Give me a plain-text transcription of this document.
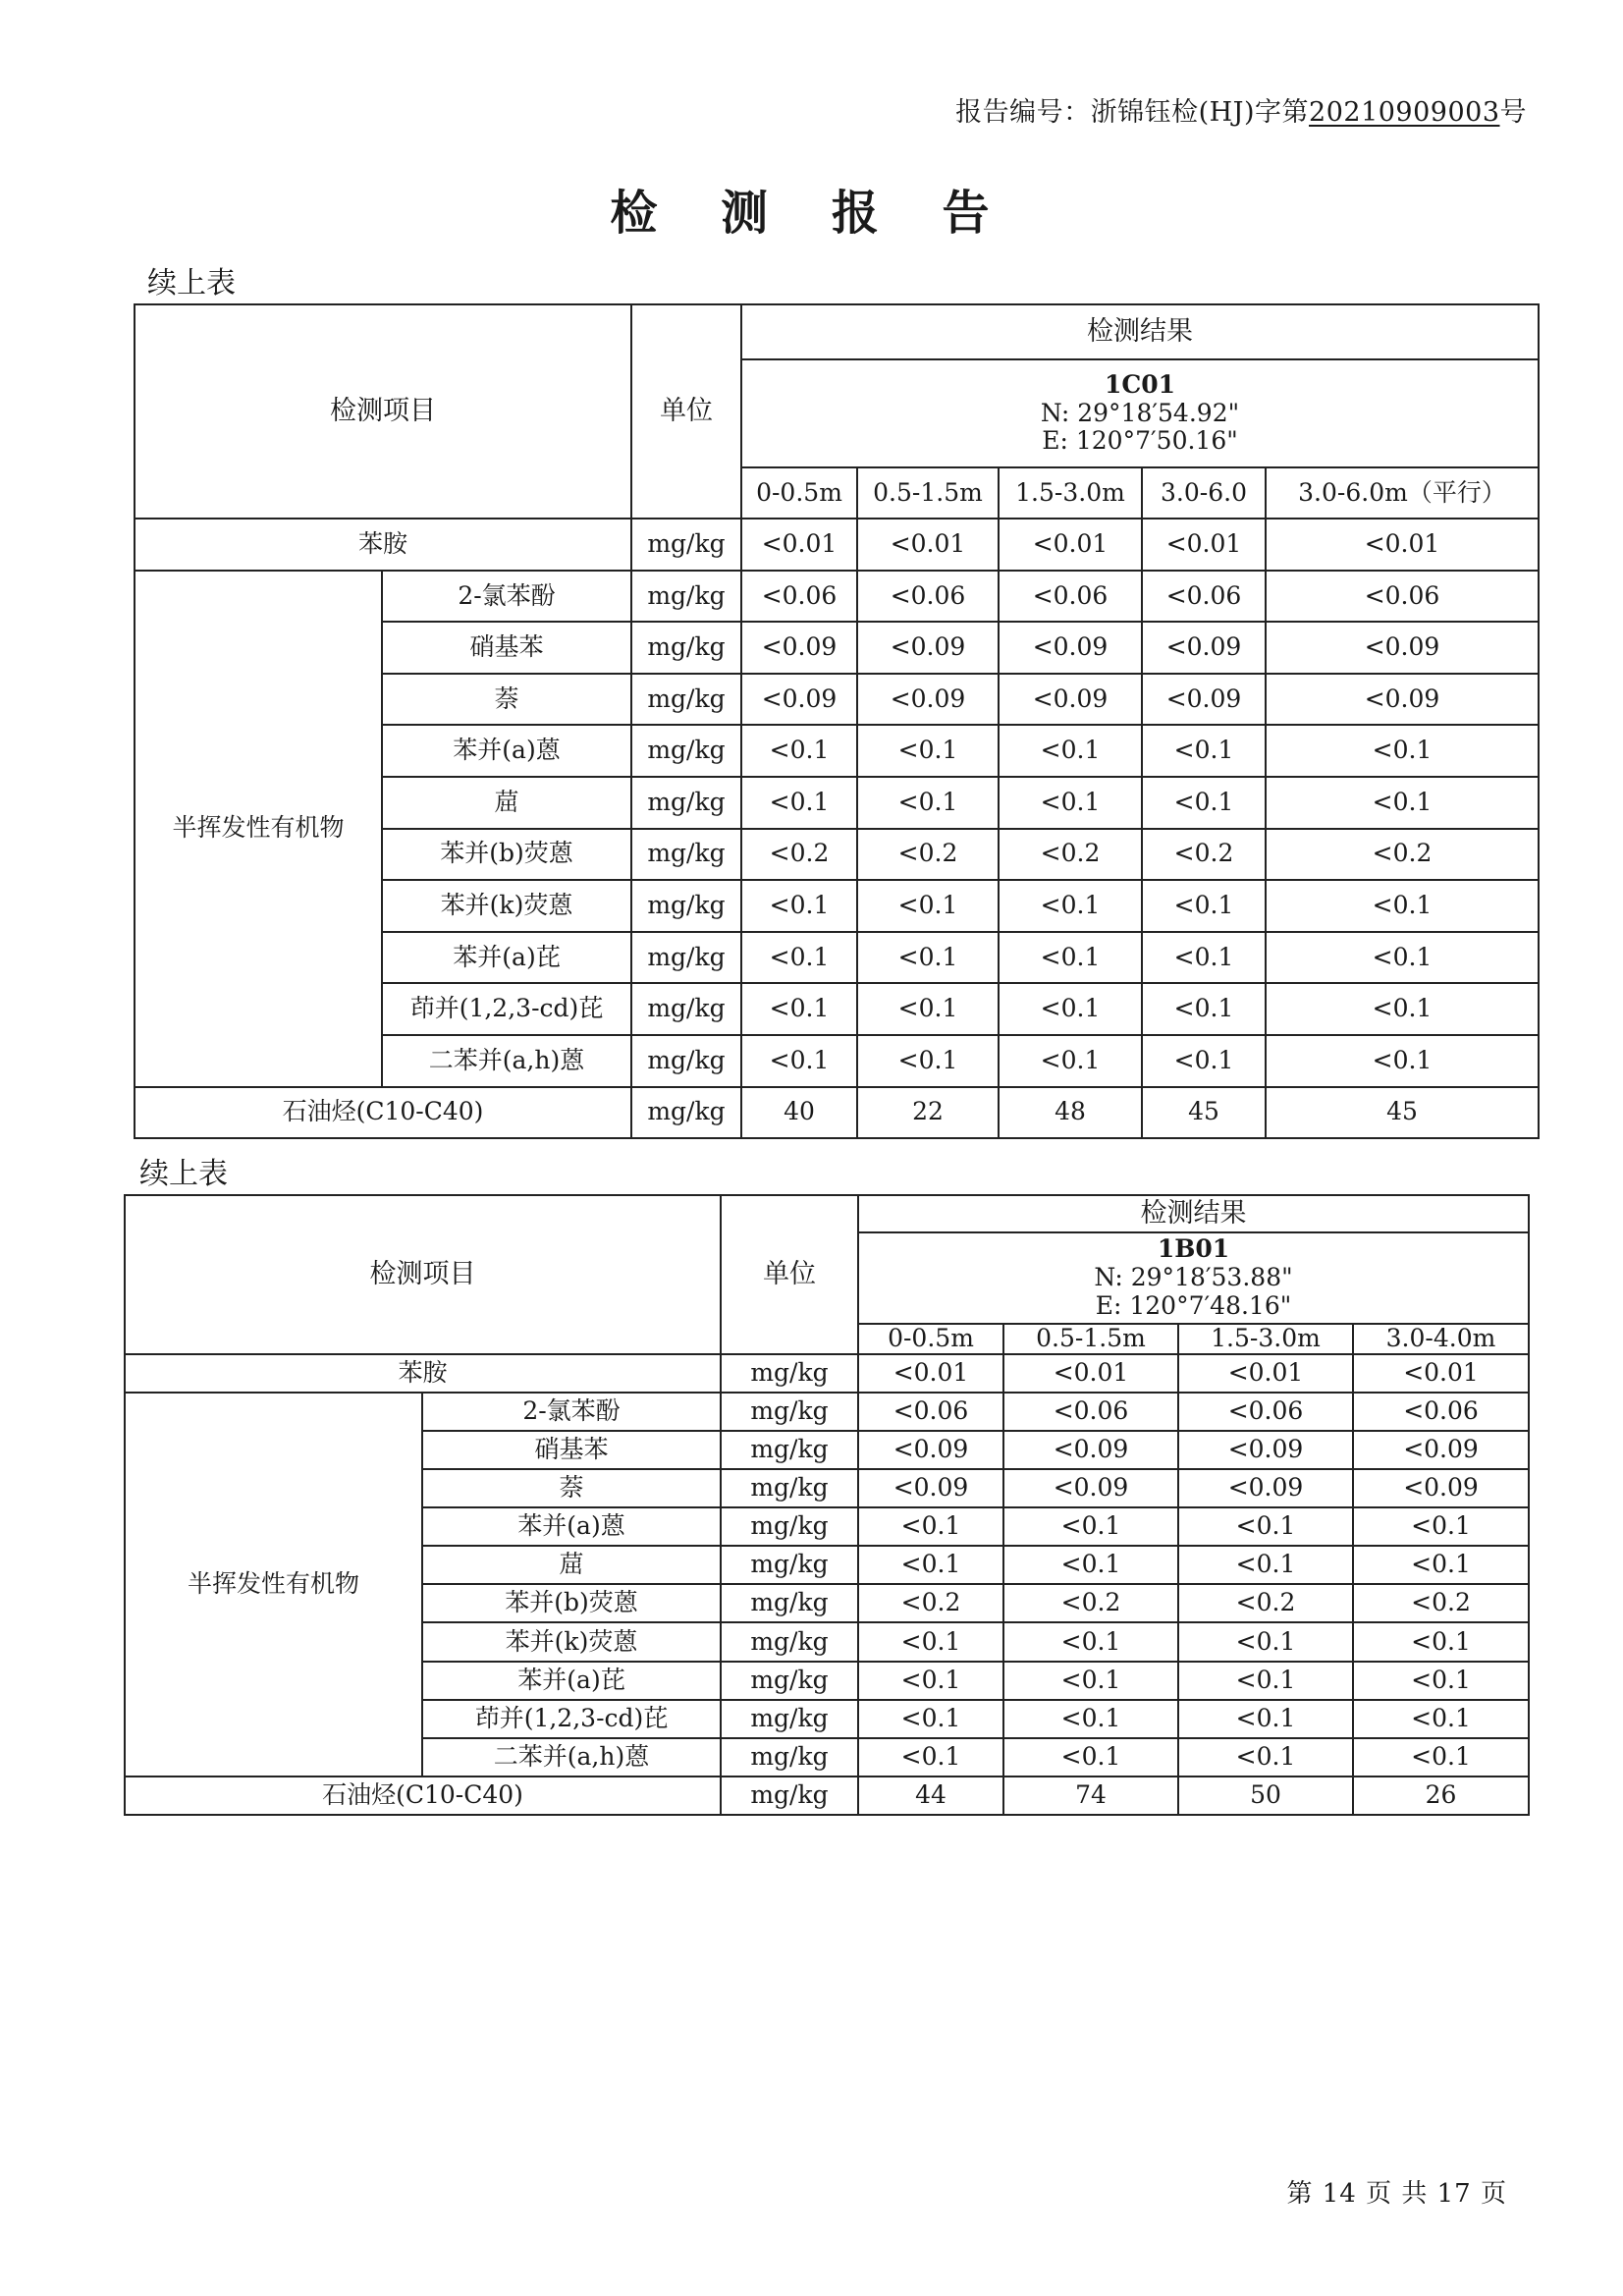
报告编号：浙锦钰检(HJ)字第20210909003号
检 测 报 告
续上表
检测项目		单位	检测结果				

			1C01
N: 29°18′54.92"
E: 120°7′50.16"				

			0-0.5m	0.5-1.5m	1.5-3.0m	3.0-6.0	3.0-6.0m（平行）
苯胺		mg/kg	<0.01	<0.01	<0.01	<0.01	<0.01
半挥发性有机物	2-氯苯酚	mg/kg	<0.06	<0.06	<0.06	<0.06	<0.06
	硝基苯	mg/kg	<0.09	<0.09	<0.09	<0.09	<0.09
	萘	mg/kg	<0.09	<0.09	<0.09	<0.09	<0.09
	苯并(a)蒽	mg/kg	<0.1	<0.1	<0.1	<0.1	<0.1
	䓛	mg/kg	<0.1	<0.1	<0.1	<0.1	<0.1
	苯并(b)荧蒽	mg/kg	<0.2	<0.2	<0.2	<0.2	<0.2
	苯并(k)荧蒽	mg/kg	<0.1	<0.1	<0.1	<0.1	<0.1
	苯并(a)芘	mg/kg	<0.1	<0.1	<0.1	<0.1	<0.1
	茚并(1,2,3-cd)芘	mg/kg	<0.1	<0.1	<0.1	<0.1	<0.1
	二苯并(a,h)蒽	mg/kg	<0.1	<0.1	<0.1	<0.1	<0.1
石油烃(C10-C40)		mg/kg	40	22	48	45	45
续上表
检测项目		单位	检测结果			

			1B01
N: 29°18′53.88"
E: 120°7′48.16"			

			0-0.5m	0.5-1.5m	1.5-3.0m	3.0-4.0m
苯胺		mg/kg	<0.01	<0.01	<0.01	<0.01
半挥发性有机物	2-氯苯酚	mg/kg	<0.06	<0.06	<0.06	<0.06
	硝基苯	mg/kg	<0.09	<0.09	<0.09	<0.09
	萘	mg/kg	<0.09	<0.09	<0.09	<0.09
	苯并(a)蒽	mg/kg	<0.1	<0.1	<0.1	<0.1
	䓛	mg/kg	<0.1	<0.1	<0.1	<0.1
	苯并(b)荧蒽	mg/kg	<0.2	<0.2	<0.2	<0.2
	苯并(k)荧蒽	mg/kg	<0.1	<0.1	<0.1	<0.1
	苯并(a)芘	mg/kg	<0.1	<0.1	<0.1	<0.1
	茚并(1,2,3-cd)芘	mg/kg	<0.1	<0.1	<0.1	<0.1
	二苯并(a,h)蒽	mg/kg	<0.1	<0.1	<0.1	<0.1
石油烃(C10-C40)		mg/kg	44	74	50	26
第 14 页 共 17 页
